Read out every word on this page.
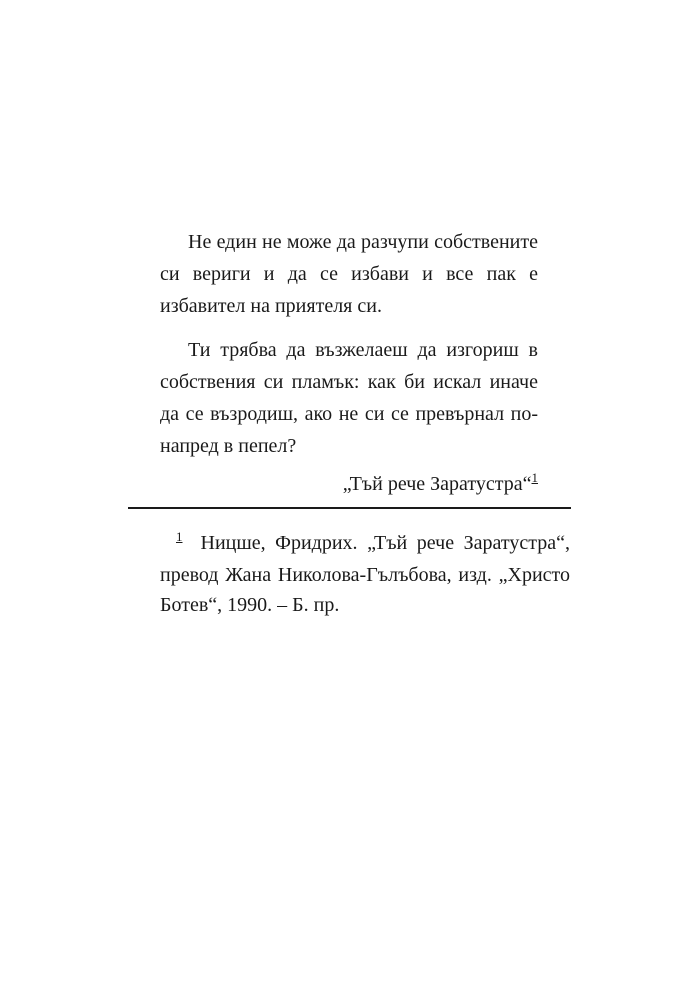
Не един не може да разчупи собствените си вериги и да се избави и все пак е избавител на приятеля си.

Ти трябва да възжелаеш да изгориш в собствения си пламък: как би искал иначе да се възродиш, ако не си се превърнал по-напред в пепел?

„Тъй рече Заратустра“$^1$
$^1$ Ницше, Фридрих. „Тъй рече Заратустра“, превод Жана Николова-Гълъбова, изд. „Христо Ботев“, 1990. – Б. пр.
